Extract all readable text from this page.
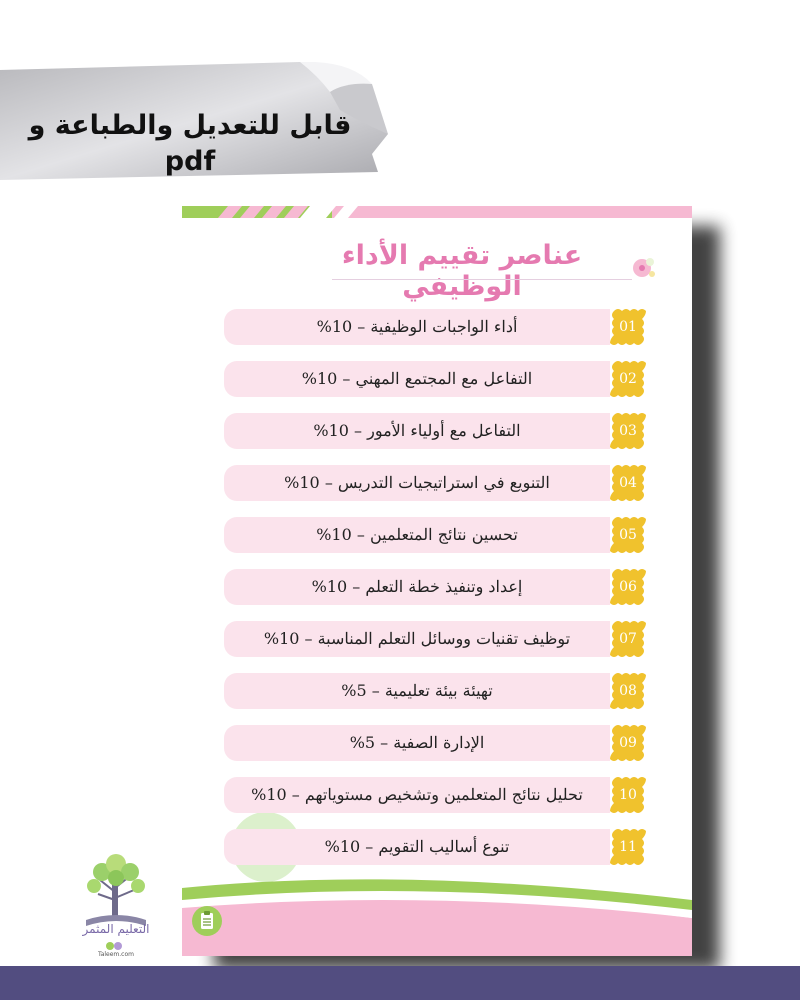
قابل للتعديل والطباعة و pdf
عناصر تقييم الأداء الوظيفي
أداء الواجبات الوظيفية – 10%	01
التفاعل مع المجتمع المهني – 10%	02
التفاعل مع أولياء الأمور – 10%	03
التنويع في استراتيجيات التدريس – 10%	04
تحسين نتائج المتعلمين – 10%	05
إعداد وتنفيذ خطة التعلم – 10%	06
توظيف تقنيات ووسائل التعلم المناسبة – 10%	07
تهيئة بيئة تعليمية – 5%	08
الإدارة الصفية – 5%	09
تحليل نتائج المتعلمين وتشخيص مستوياتهم – 10%	10
تنوع أساليب التقويم – 10%	11
التعليم المثمر
Taleem.com
